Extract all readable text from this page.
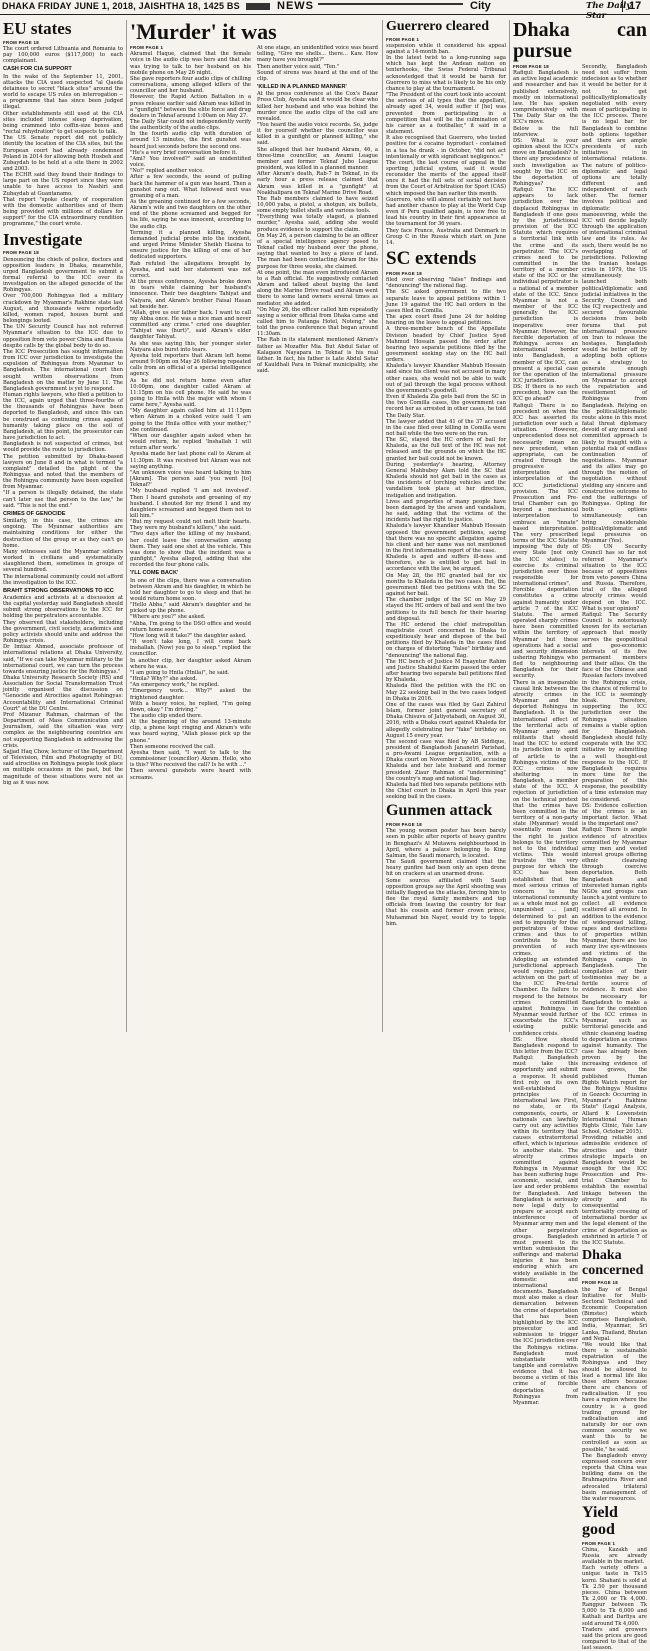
DHAKA FRIDAY JUNE 1, 2018, JAISHTHA 18, 1425 BS	NEWS	City	The Daily Star
17
EU states
FROM PAGE 18

The court ordered Lithuania and Romania to pay 100,000 euros ($117,000) to each complainant.

CASH FOR CIA SUPPORT

In the wake of the September 11, 2001, attacks the CIA used suspected "al Qaeda detainees to secret "black sites" around the world to escape US rules on interrogation -- a programme that has since been judged illegal.

Other establishments still used at the CIA sites included intense sleep deprivation, being crammed into coffin-size boxes and "rectal rehydration" to get suspects to talk.

The US Senate report did not publicly identify the location of the CIA sites, but the European court had already condemned Poland in 2014 for allowing both Husbeh and Zubaydah to be held at a site there in 2002 and 2003.

The ECHR said they found their findings to large part on the US report since they were unable to have access to Nashiri and Zubaydah at Guantanamo.

That report "spoke clearly of cooperation with the domestic authorities and of them being provided with millions of dollars for support" for the CIA extraordinary rendition programme," the court wrote.

Investigate
FROM PAGE 18

Denouncing the chiefs of police, doctors and opposition leaders in Dhaka, meanwhile, urged Bangladesh government to submit a formal referral to the ICC over its investigation on the alleged genocide of the Rohingyas.

Over 700,000 Rohingyas fled a military crackdown by Myanmar's Rakhine state last August, and thousands were reportedly killed, women raped, houses burnt and belongings looted.

The UN Security Council has not referred Myanmar's situation to the ICC due to opposition from veto power China and Russia despite calls by the global body to do so.

The ICC Prosecution has sought information from ICC over jurisdiction to investigate the expulsion of Rohingyas from Myanmar to Bangladesh. The international court then sought written observations from Bangladesh on the matter by June 11. The Bangladesh government is yet to respond.

Human rights lawyers, who filed a petition to the ICC, again urged that three-fourths of the thousands of Rohingyas have been deported to Bangladesh, and since this can be construed as continuing crimes against humanity taking place on the soil of Bangladesh, at this point, the prosecutor can have jurisdiction to act.

Bangladesh is not suspected of crimes, but would provide the route to jurisdiction.

The petition submitted by Dhaka-based lawyers on June 8 and in what is termed "a complaint" detailed the plight of the Rohingyas and noted that the members of the Rohingya community have been expelled from Myanmar.

"If a person is illegally detained, the state can't later use that person to the law," he said. "This is not the end."

CRIMES OF GENOCIDE

Similarly, in this case, the crimes are ongoing. The Myanmar authorities are maintaining conditions for either the destruction of the group or as they can't go home.

Many witnesses said the Myanmar soldiers worked in civilians and systematically slaughtered them, sometimes in groups of several hundred.

The international community could not afford the investigation to the ICC.

BRAHT STRONG OBSERVATIONS TO ICC

Academics and activists at a discussion at the capital yesterday said Bangladesh should submit strong observations to the ICC for holding the perpetrators accountable.

They observed that stakeholders, including the government, civil society, academics and policy activists should unite and address the Rohingya crisis.

Dr Imtiaz Ahmed, associate professor of international relations at Dhaka University, said, "If we can take Myanmar military to the international court, we can turn the process towards ensuring justice for the Rohingyas."

Dhaka University Research Society (RS) and Association for Social Transformation Trust jointly organised the discussion on "Genocide and Atrocities against Rohingyas: Accountability and International Criminal Court" at the DU Centre.

Prof Mizanur Rahman, chairman of the Department of Mass Communication and Journalism, said the situation was very complex as the neighbouring countries are not supporting Bangladesh in addressing the crisis.

Sajjad Haq Chow, lecturer of the Department of Television, Film and Photography of DU, said atrocities on Rohingya people took place on multiple occasions in the past, but the magnitude of these situations were not as big as it was now.

'Murder' it was
FROM PAGE 1

Akramul Haque, claimed that the female voice in the audio clip was hers and that she was trying to talk to her husband on his mobile phone on May 26 night.

She gave reporters four audio clips of chilling conversations, among alleged killers of the councillor and her husband.

However, the Rapid Action Battalion in a press release earlier said Akram was killed in a "gunfight" between the elite force and drug dealers in Teknaf around 1:00am on May 27.

The Daily Star could not independently verify the authenticity of the audio clips.

In the fourth audio clip with duration of around 13 minutes, the first gunshot was heard just seconds before the second one.

"He's a very brief conversation before it.

"Ami? You involved?" said an unidentified voice.

"No!" replied another voice.

After a few seconds, the sound of pulling back the hammer of a gun was heard. Then a gunshot rang out. What followed next was groaning of a man.

As the groaning continued for a few seconds, Akram's wife and two daughters on the other end of the phone screamed and begged for his life, saying he was innocent, according to the audio clip.

Terming it a planned killing, Ayesha demanded judicial probe into the incident, and urged Prime Minister Sheikh Hasina to ensure justice for the killing of one of her dedicated supporters.

Rab refuted the allegations brought by Ayesha, and said her statement was not correct.

At the press conference, Ayesha broke down in tears while claiming her husband's innocence. Their two daughters Tahiyat and Naiyara, and Akram's brother Faisal Hasan sat beside her.

"Allah, give us our father back. I want to call my Abba once. He was a nice man and never committed any crime." cried one daughter. "Tahiyat was (hurt)", said Akram's elder daughter Tahiyat.

As she was saying this, her younger sister Naiyara also burst into tears.

Ayesha told reporters that Akram left home around 9:00pm on May 26 following repeated calls from an official of a special intelligence agency.

As he did not return home even after 10:00pm, one daughter called Akram at 11:15pm on his cell phone. He said he was going to Hnila with the major with whom I came here," Ayesha said.

"My daughter again called him at 11:15pm when Akram in a choked voice said 'I am going to the Hnila office with your mother,'" she continued.

"When our daughter again asked when he would return, he replied 'Inshallah I will return after work.'

Ayesha made her last phone call to Akram at 11:30pm. It was received but Akram was not saying anything.

"An unknown voice was heard talking to him [Akram]. The person said 'you went [to] Teknaf?'

"My husband replied 'I am not involved'. Then I heard gunshots and groaning of my husband. I shouted for my friend 1 and my daughters screamed and begged them not to kill him."

"But my request could not melt their hearts. They were my husband's killers," she said.

"Two days after the killing of my husband, her could leave the conversation among them. They said one shot at the vehicle. This was done to show that the incident was a gunfight," Ayesha alleged, adding that she recorded the four phone calls.

'I'LL COME BACK'

In one of the clips, there was a conversation between Akram and his daughter, in which he told her daughter to go to sleep and that he would return home soon.

"Hello Abba," said Akram's daughter and he picked up the phone.

"Where are you?" she asked.

"Abba, I'm going to the DSO office and would return home soon."

"How long will it take?" the daughter asked.

"It won't take long, I will come back inshallah. (Now) you go to sleep." replied the councillor.

In another clip, her daughter asked Akram where he was.

"I am going to Hnila (Hnila)", he said.

"Hnila? Why?" she asked.

"An emergency work," he replied.

"Emergency work... Why?" asked the frightened daughter.

With a heavy voice, he replied, "I'm going down, okay." I'm driving."

The audio clip ended there.

At the beginning of the around 13-minute clip, a phone kept ringing and Akram's wife was heard saying, "Allah please pick up the phone."

Then someone received the call.

Ayesha then said, "I want to talk to the commissioner (councillor) Akram. Hello, who is this? Who received the call? Is he with ..."

Then several gunshots were heard with screams.

At one stage, an unidentified voice was heard telling, "Give me shells... there... Kaw. How many have you brought?"

Then another voice said, "Ten."

Sound of sirens was heard at the end of the clip.

'KILLED IN A PLANNED MANNER'

At the press conference at the Cox's Bazar Press Club, Ayesha said it would be clear who killed her husband and who was behind the murder once the audio clips of the call are revealed.

"You heard the audio voice records. So, judge it for yourself whether the councillor was killed in a gunfight or planned killing," she said.

She alleged that her husband Akram, 46, a three-time councillor, an Awami League member and former Teknaf Jubo League president, was killed in a planned manner.

After Akram's death, Rab-7 in Teknaf, in its early hour a press release claimed that Akram was killed in a "gunfight" at Noakhalipara on Teknaf Marine Drive Road.

The Rab members claimed to have seized 10,000 yaba, a pistol, a shotgun, six bullets, some empty bullet shells and various tools.

"Everything was totally staged, a planned murder," Ayesha said, adding she would produce evidence to support the claim.

On May 26, a person claiming to be an officer of a special intelligence agency posed to Teknaf called my husband over the phone, saying that wanted to buy a piece of land. The man had been contacting Akram for this purpose for three weeks, she claimed.

At one point, the man even introduced Akram to a Rab official. He suggestively contacted Akram and talked about buying the land along the Marine Drive road and Akram went there to some land owners several times as mediator, she added.

"On May 26, the officer called him repeatedly saying a senior official from Dhaka came and called him to Patanga Hotel, Noteng," she told the press conference that began around 11:30am.

The Rab in its statement mentioned Akram's father as Mozaffer Mia. But Abdul Satar of Kalagaon Nayapara in Teknaf is his real father. In fact, his father is Late Abdul Satar of Kauldhali Para in Teknaf municipality, she said.

Guerrero cleared
FROM PAGE 1

suspension while it considered his appeal against a 14-month ban.

In the latest twist to a long-running saga which has kept the Andean nation on tenterhooks, the Swiss Federal Tribunal acknowledged that it would be harsh for Guerrero to miss what is likely to be his only chance to play at the tournament.

"The President of the court took into account the serious of all types that the appellant, already aged 34, would suffer if [he] was prevented from participating in a competition that will be the culmination of his career as a footballer," it said in a statement.

It also recognised that Guerrero, who tested positive for a cocaine byproduct - contained in a tea he drank - in October, "did not act intentionally or with significant negligence."

The court, the last course of appeal in the sporting judicial system, said it would reconsider the merits of the appeal itself once it had the full sets of social decision from the Court of Arbitration for Sport (CAS) which imposed the ban earlier this month.

Guerrero, who will almost certainly not have had another chance to play at the World Cup even if Peru qualified again, is now free to lead his country in their first appearance at the tournament for 36 years.

They face France, Australia and Denmark in Group C in the Russia which start on June 14.

SC extends
FROM PAGE 18

filed over observing "false" findings and "denouncing" the rational flag.

The SC asked government to file two separate leave to appeal petitions within 1 June 19 against the HC bail orders in the cases filed in Comilla.

The apex court fixed June 24 for holding hearing on the leave to appeal petitions.

A three-member bench of the Appellate Division headed by Chief Justice Syed Mahmud Hossain passed the order after hearing two separate petitions filed by the government seeking stay on the HC bail orders.

Khaleda's lawyer Khandker Mahbub Hossain said since his client was not accused in many other cases, she would not be able to walk out of jail through the legal process without the government's goodwill.

Even if Khaleda Zia gets bail from the SC in the two Comilla cases, the government can record her as arrested in other cases, he told The Daily Star.

The lawyer added that 41 of the 37 accused in the case filed over killing in Comilla were not bail while the two were on the run.

The SC, stayed the HC orders of bail for Khaleda, as the full text of the HC was not released and the grounds on which the HC granted her bail could not be known.

During yesterday's hearing, Attorney General Mahbubey Alam told the SC that Khaleda should not get bail in the cases as the incidents of torching vehicles and the vandalism took place at her direction, instigation and instigation.

Lives and properties of many people have been damaged by the arson and vandalism, he said, adding that the victims of the incidents had the right to justice.

Khaleda's lawyer Khandker Mahbub Hossain opposed the government petitions, saying that there was no specific allegation against his client and her name was not mentioned in the first information report of the case.

Khaleda is aged and suffers ill-ness and therefore, she is entitled to get bail in accordance with the law, he argued.

On May 28, the HC granted bail for six months to Khaleda in the two cases. But, the government filed two petitions with the SC against her bail.

The chamber judge of the SC on May 29 stayed the HC orders of bail and sent the two petitions to its full bench for their hearing and disposal.

The HC ordered the chief metropolitan magistrate court concerned in Dhaka to expeditiously hear and dispose of the bail petitions filed by Khaleda in the cases filed on charges of distorting "false" birthday and "denouncing" the national flag.

The HC bench of Justice M Enayetur Rahim and Justice Shahidul Karim passed the order after hearing two separate bail petitions filed by Khaleda.

Khaleda filed the petition with the HC on May 22 seeking bail in the two cases lodged in Dhaka in 2016.

One of the cases was filed by Gazi Zahirul Islam, former joint general secretary of Dhaka Chisuvu of Jatiyotabadi, on August 30, 2016, with a Dhaka court against Khaleda for allegedly celebrating her "fake" birthday on August 15 every year.

The second case was filed by AB Siddique, president of Bangladesh Jananetri Parishad, a pro-Awami League organisation, with a Dhaka court on November 3, 2016, accusing Khaleda and her late husband and former president Ziaur Rahman of "undermining" the country's map and national flag.

Khaleda had filed two separate petitions with the Chief court in Dhaka in April this year seeking bail in the cases.

Gunmen attack
FROM PAGE 18

The young women poster has been barely seen in public after reports of heavy gunfire in Benghazi's Al Mutawra neighbourhood in April, where a palace belonging to King Salman, the Saudi monarch, is located.

The Saudi government claimed that the heavy gunfire had been only an open drone hit on crackers at an unarmed drone.

Some sources affiliated with Saudi opposition groups say the April shooting was initially flagged as the attacks, forcing him to flee the royal family members and top officials from leaving the country for fear that his cousin and former crown prince, Muhammad bin Nayef, would try to topple him.

Dhaka can pursue
FROM PAGE 18

Rafiqul: Bangladesh is an active legal academic and researcher and has published extensively, mostly on international law. He has spoken comprehensively with The Daily Star on the ICC's move.

Below is the full interview.

DS: What is your opinion about the ICC's move on Bangladesh? Is there any precedence of such investigation as sought by the ICC on the deportation of Rohingyas?

Rafiqul: The ICC appears to lack jurisdiction over the displaced Rohingyas in Bangladesh if one goes by the jurisdictional provision of the ICC Statute which requires a territorial link with the crime and its perpetrator. The ICC's crimes need to be committed in the territory of a member state of the ICC or the individual perpetrator is a national of a member state of the ICC. Since Myanmar is not a member of the ICC generally the ICC jurisdiction is inoperative over Myanmar. However, the forcible deportation of Rohingya across an international border into Bangladesh, a member of the ICC, can present a special case for the operation of the ICC jurisdiction.

DS: If there is no such precedent, how can the ICC go ahead?

Rafiqul: There is no precedent on when the ICC has asserted its jurisdiction over such a situation. However, unprecedented does not necessarily mean no new precedent, when appropriate, can be created through the progressive interpretation and interpretation of the ICC jurisdictional provision. The ICC Prosecution and Pre-trial Chamber can go beyond a mechanical interpretation to embrace an "innate" based interpretation. The very prescribed terms of the ICC Statute imposing "the duty of every State [not only the ICC states] to exercise its criminal jurisdiction over those responsible for international crimes".

Forcible deportation constitutes a crime against humanity under article 7 of the ICC Statute. The armed operated sharply crimes have been committed within the territory of Myanmar but these operations had a social and security dimension ushering Rohingya who fled to neighbouring Bangladesh for their security.

There is an inseparable causal link between the atrocity crimes in Myanmar and the deported Rohingya in Bangladesh. It is the international effect of the territorial acts of Myanmar army and militants that should lead the ICC to extend its jurisdiction in spirit of article to the Rohingya victims of the ICC crimes now sheltering in Bangladesh, a member state of the ICC. A rejection of jurisdiction on the technical pretext that the crimes have been committed in the territory of a non-party state (Myanmar) would essentially mean that the right to justice belongs to the territory not to the individual victims. This would frustrate the very purpose for which the ICC has been established: that the most serious crimes of concern to the international community as a whole must not go unpunished ... [and] determined to put an end to impunity for the perpetrators of these crimes and thus to contribute to the prevention of such crimes.

Adopting an extended jurisdictional approach would require judicial activism on the part of the ICC Pre-trial Chamber. Its failure to respond to the heinous crimes committed against Rohingya in Myanmar would further exacerbate the ICC's existing public confidence crisis.

DS: How should Bangladesh respond to this letter from the ICC?

Rafiqul: Bangladesh must take this opportunity and submit a response. It should first rely on its own well-established principles of international law. First, no state, or its components, courts, or nationals can lawfully carry out any activities within its territory that causes extraterritorial effect, which is injurious to another state. The atrocity crimes committed against Rohingya in Myanmar has been suffering huge economic, social, and law and order problems for Bangladesh. And Bangladesh is seriously now legal duty to prepare or accept such interference of Myanmar army men and other perpetrator groups. Bangladesh must present to its written submission the sufferings and material injuries it has been enduring which are widely available in the domestic and international documents. Bangladesh must also make a clear demarcation between the crime of deportation that has been highlighted by the ICC prosecutor and submission to trigger the ICC jurisdiction over the Rohingya victims. Bangladesh must substantiate with tangible and correlative evidence that it has become a victim of this crime of forcible deportation of Rohingyas from Myanmar.

Secondly, Bangladesh need not suffer from indecision as to whether it would be better for it not to get politically/diplomatically negotiated with every mean of participating in the ICC process. There is no legal bar for Bangladesh to combine both options together and there are ample precedents of such initiatives in international relations. The nature of politico-diplomatic and legal options are totally different and independent of each other. The former involves political and diplomatic manoeuvring, while the ICC will decide legally through the application of international criminal law and its rules. As such, there would be no overlapping of jurisdictions. Following the Iranian hostage crisis in 1979, the US simultaneously launched both political/diplomatic and judicial initiatives in the Security Council and the ICJ respectively and secured favourable decisions from both forums that put international pressure on Iran to release the hostages. Bangladesh would be better off by adopting both options as a strategy to generate enough international pressure on Myanmar to accept the repatriation and resettlement of Rohingyas from Bangladesh. Relying on the political/diplomatic route alone in this most fatal threat diplomacy devoid of any moral and committed approach is likely to fraught with a potential risk of endless continuation of negotiations. Myanmar and its allies may go through the motion of negotiation without yielding any sincere and constructive outcome to end the sufferings of Rohingyas. Opting for both options simultaneously can bring considerable political/diplomatic and legal pressures on Myanmar (Yes).

DS: UN Security Council has so far not referred Myanmar's situation to the ICC because of oppositions from veto powers China and Russia. Therefore, trial of the alleged atrocity crimes would depend on the ICC. What is your opinion?

Rafiqul: The Security Council is notoriously known for its sectarian approach that mostly serves the geopolitical and geo-economic interests of its five permanent members and their allies. On the face of the Chinese and Russian factors involved in the Rohingya crisis, the chance of referral to the ICC is seemingly bleak. Therefore, supporting the ICC jurisdiction over the Rohingya situation remains a viable option for Bangladesh. Bangladesh should fully cooperate with the ICC initiative by submitting a well thought-out response to the ICC. If Bangladesh requires more time for the preparation of this response, the possibility of a time extension may be considered.

DS: Evidence collection of the crimes is an important factor. What is the important one?

Rafiqul: There is ample evidence of atrocities committed by Myanmar army men and vested interest groups offering ethnic cleansing through coercive deportation. Both Bangladesh and interested human rights NGOs and groups can launch a joint venture to collect all evidence scattered all around. In addition to the evidence of widespread killing, rapes and destructions of properties within Myanmar, there are too many live eye-witnesses and victims of the Rohingya camps in Bangladesh. The compilation of their testimonies may be a fertile source of evidence. It must also be necessary for Bangladesh to make a case for the contention of the ICC crimes in Myanmar, such as territorial genocide and ethnic cleansing leading to deportation as crimes against humanity. The case has already been proven by the increasing evidence of mass graves, the published Human Rights Watch report for the Rohingya Muslims in Gozoch: Occurring in Myanmar's Rakhine State" (Legal Analysis, Allard K Lowenstein International Human Rights Clinic, Yale Law School, October 2015).

Providing reliable and admissible evidence of atrocities and their strategic impacts on Bangladesh would be enough for the ICC Prosecution and Pre-trial Chamber to establish the essential linkage between the atrocity and its consequential territoriality crossing of international border as the legal element of the crime of deportation as enshrined in article 7 of the ICC Statute.

Dhaka concerned
FROM PAGE 18

the Bay of Bengal Initiative for Multi-Sectoral Technical and Economic Cooperation (Bimstec) which comprises Bangladesh, India, Myanmar, Sri Lanka, Thailand, Bhutan and Nepal.

"We would like that there is sustainable repatriation of the Rohingyas and they should be allowed to lead a normal life like those others because there are chances of radicalisation. If you have a region where the country is a good trading ground for radicalisation and naturally for our own common security we want this to be controlled as soon as possible," he said.

The Bangladesh envoy expressed concern over reports that China was building dams on the Brahmaputra River and advocated trilateral basin management of the water resources.

Yield good
FROM PAGE 1

China, Kazakh and Russia are already available in the market.

Each variety offers a unique taste in Tk15 korni. Shahani is sold at Tk 2.50 per thousand pieces. China between Tk 2,000 or Tk 4,000. Rangpur between Tk 5,000 to Tk 6,000 and Kathali and Darfiya are sold around Tk 4,000.

Traders and growers said the prices are good compared to that of the last season.
